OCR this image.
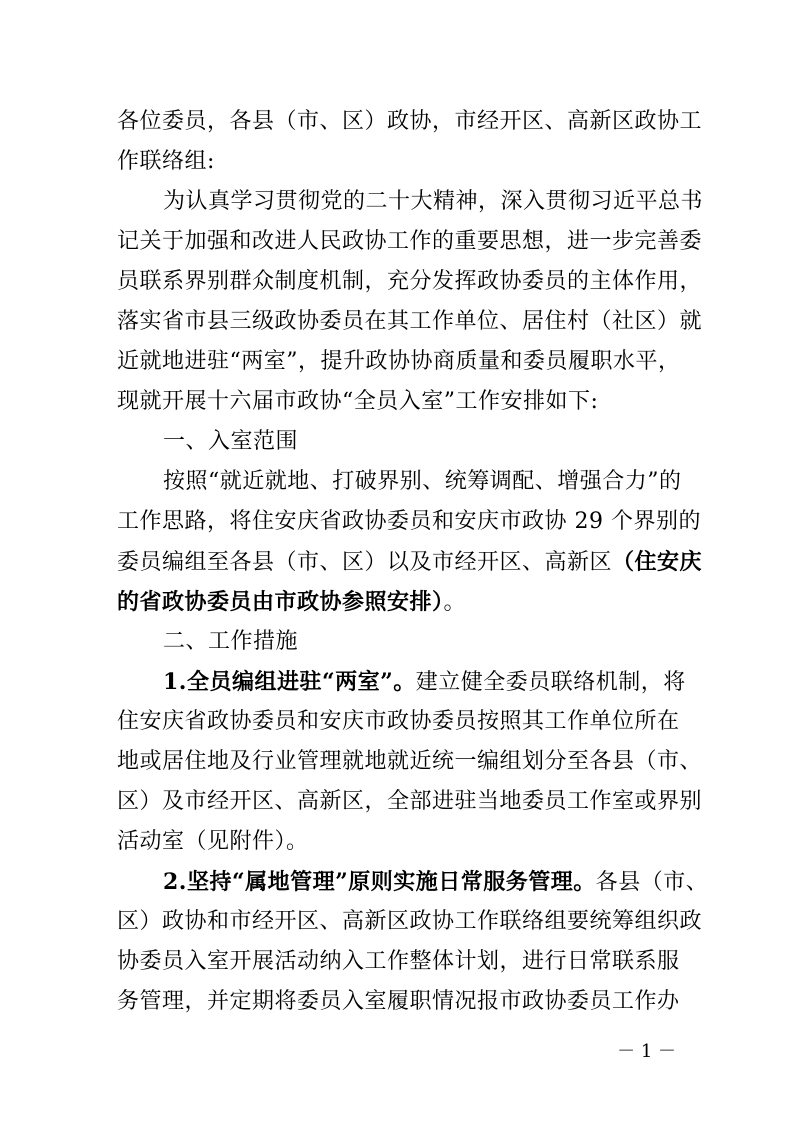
各位委员，各县（市、区）政协，市经开区、高新区政协工
作联络组:
为认真学习贯彻党的二十大精神，深入贯彻习近平总书
记关于加强和改进人民政协工作的重要思想，进一步完善委
员联系界别群众制度机制，充分发挥政协委员的主体作用，
落实省市县三级政协委员在其工作单位、居住村（社区）就
近就地进驻“两室”，提升政协协商质量和委员履职水平，
现就开展十六届市政协“全员入室”工作安排如下:
一、入室范围
按照“就近就地、打破界别、统筹调配、增强合力”的
工作思路，将住安庆省政协委员和安庆市政协 29 个界别的
委员编组至各县（市、区）以及市经开区、高新区（住安庆
的省政协委员由市政协参照安排）。
二、工作措施
1.全员编组进驻“两室”。建立健全委员联络机制，将
住安庆省政协委员和安庆市政协委员按照其工作单位所在
地或居住地及行业管理就地就近统一编组划分至各县（市、
区）及市经开区、高新区，全部进驻当地委员工作室或界别
活动室（见附件）。
2.坚持“属地管理”原则实施日常服务管理。各县（市、
区）政协和市经开区、高新区政协工作联络组要统筹组织政
协委员入室开展活动纳入工作整体计划，进行日常联系服
务管理，并定期将委员入室履职情况报市政协委员工作办
－ 1 －
